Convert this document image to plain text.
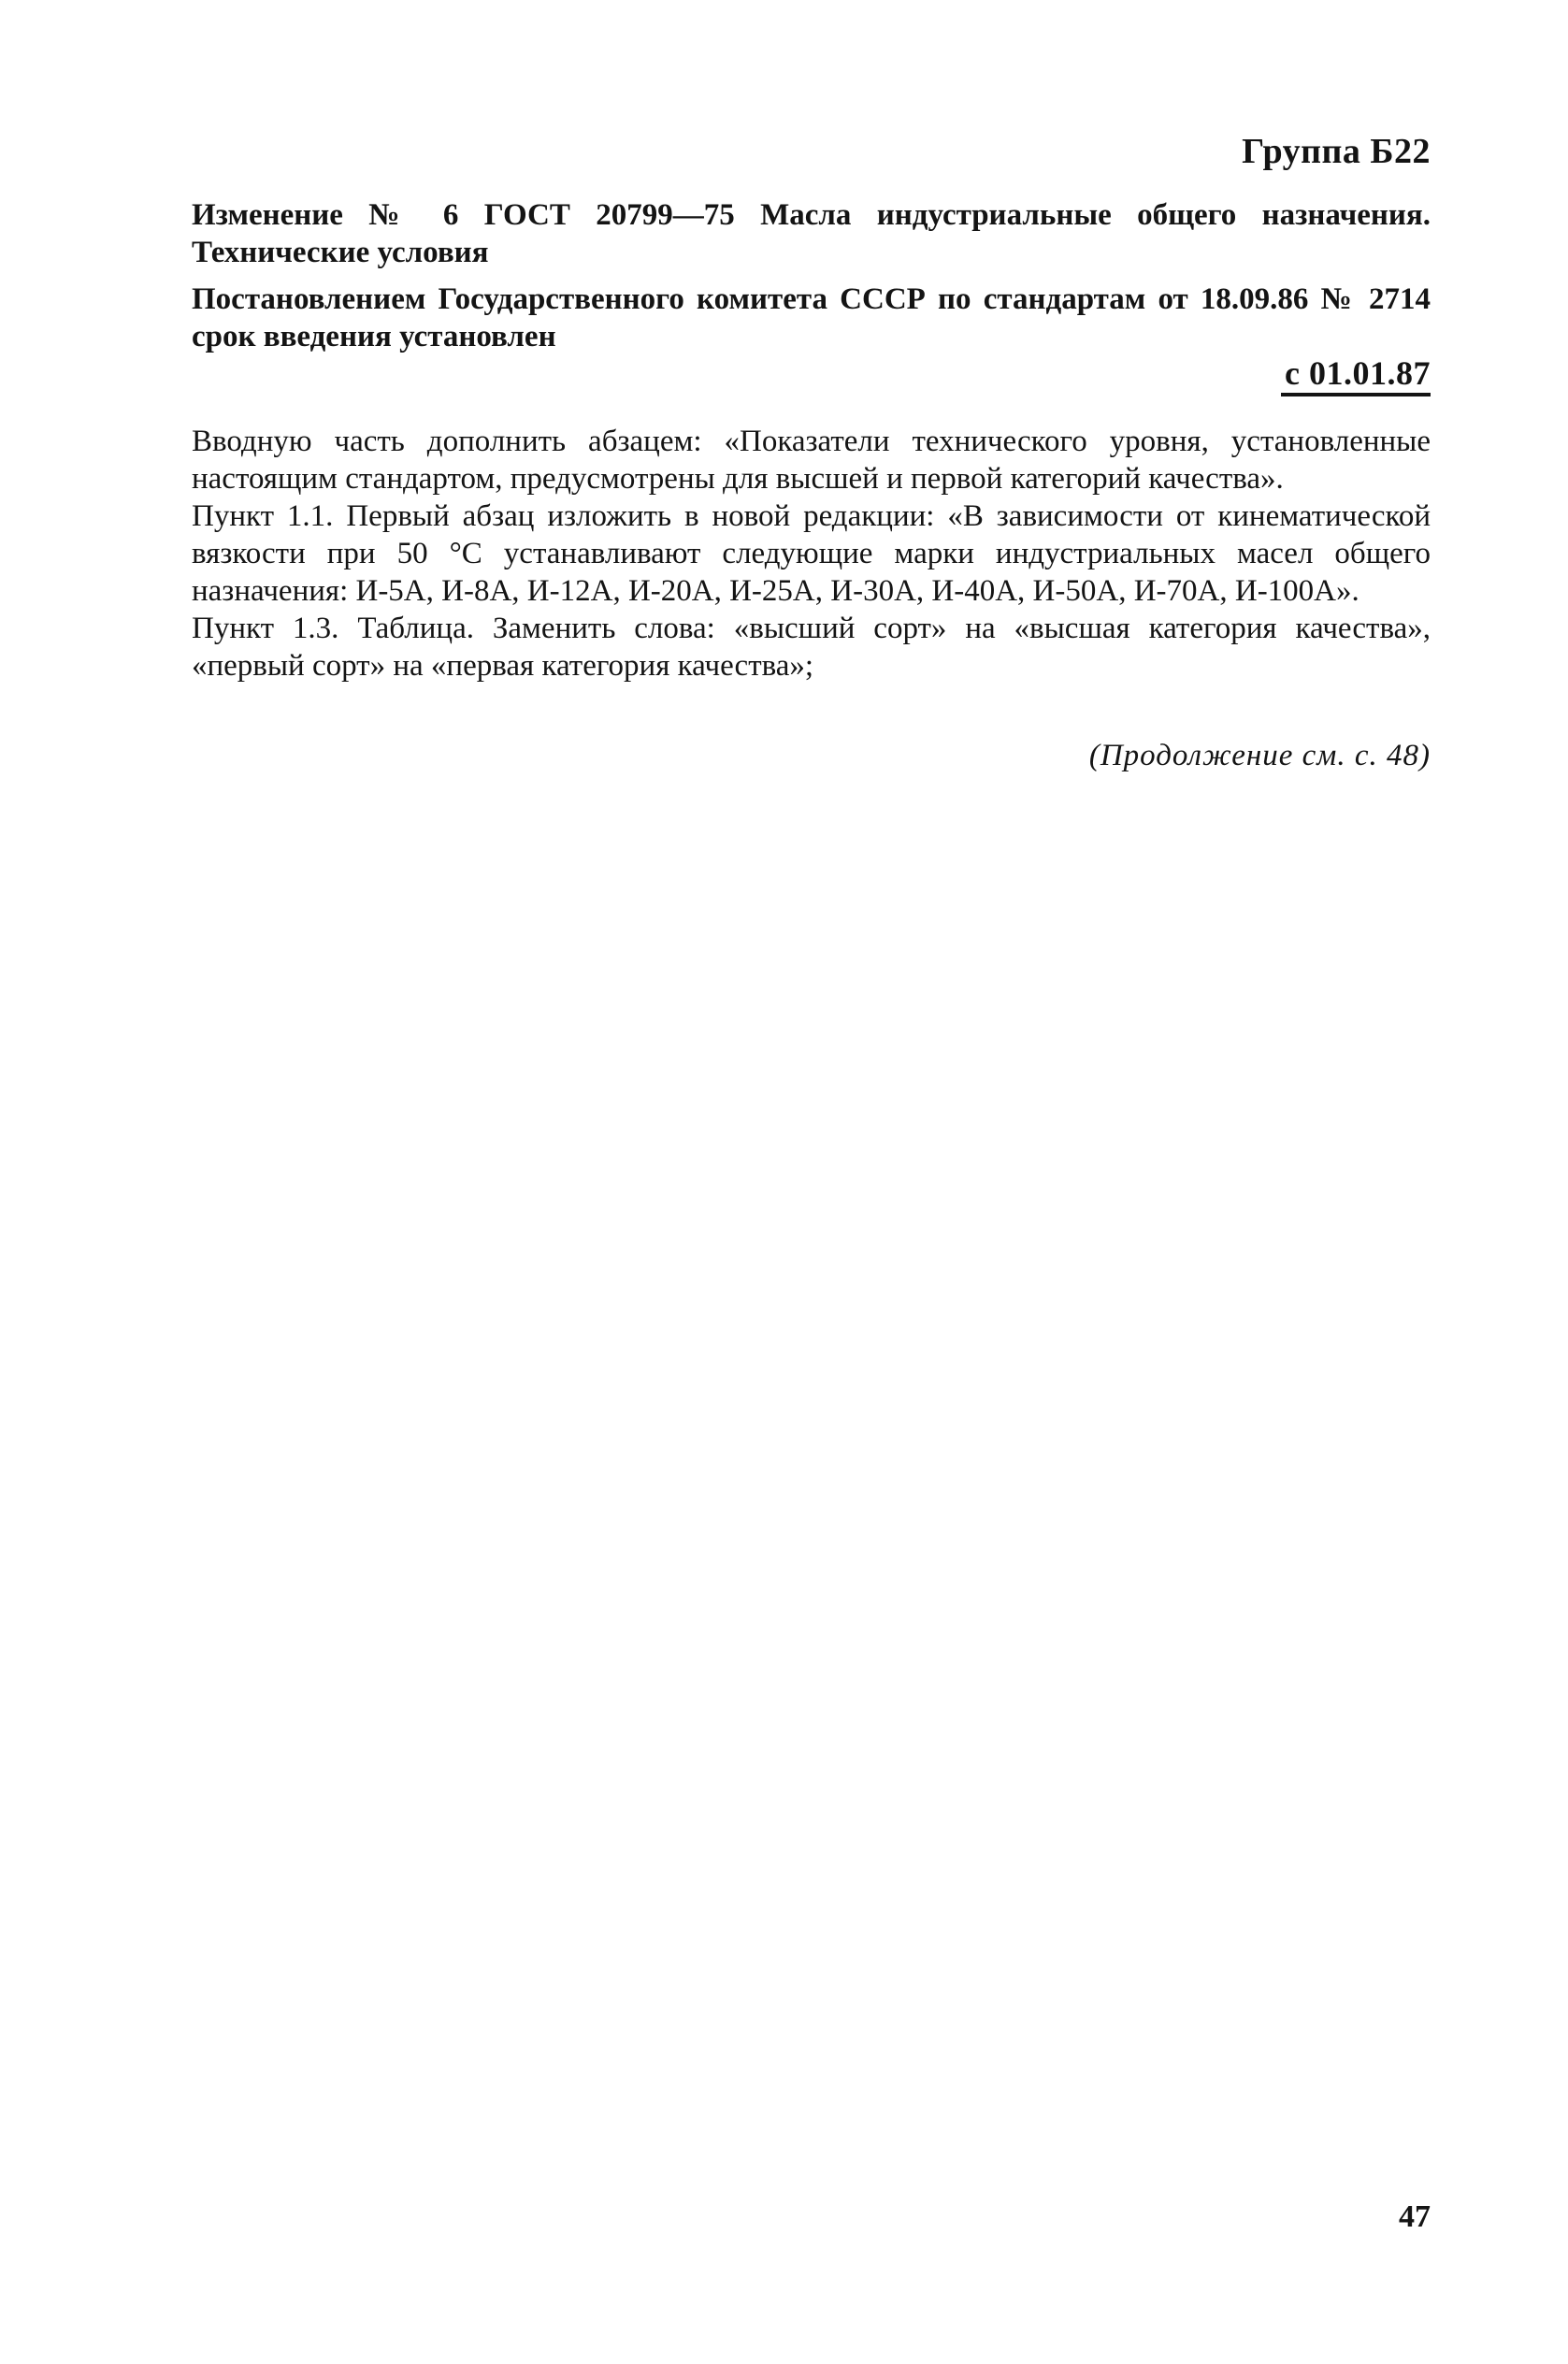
Группа Б22
Изменение № 6 ГОСТ 20799—75 Масла индустриальные общего назначения. Технические условия
Постановлением Государственного комитета СССР по стандартам от 18.09.86 № 2714 срок введения установлен
с 01.01.87

Вводную часть дополнить абзацем: «Показатели технического уровня, установленные настоящим стандартом, предусмотрены для высшей и первой категорий качества».

Пункт 1.1. Первый абзац изложить в новой редакции: «В зависимости от кинематической вязкости при 50 °С устанавливают следующие марки индустриальных масел общего назначения: И-5А, И-8А, И-12А, И-20А, И-25А, И-30А, И-40А, И-50А, И-70А, И-100А».

Пункт 1.3. Таблица. Заменить слова: «высший сорт» на «высшая категория качества», «первый сорт» на «первая категория качества»;

(Продолжение см. с. 48)
47
